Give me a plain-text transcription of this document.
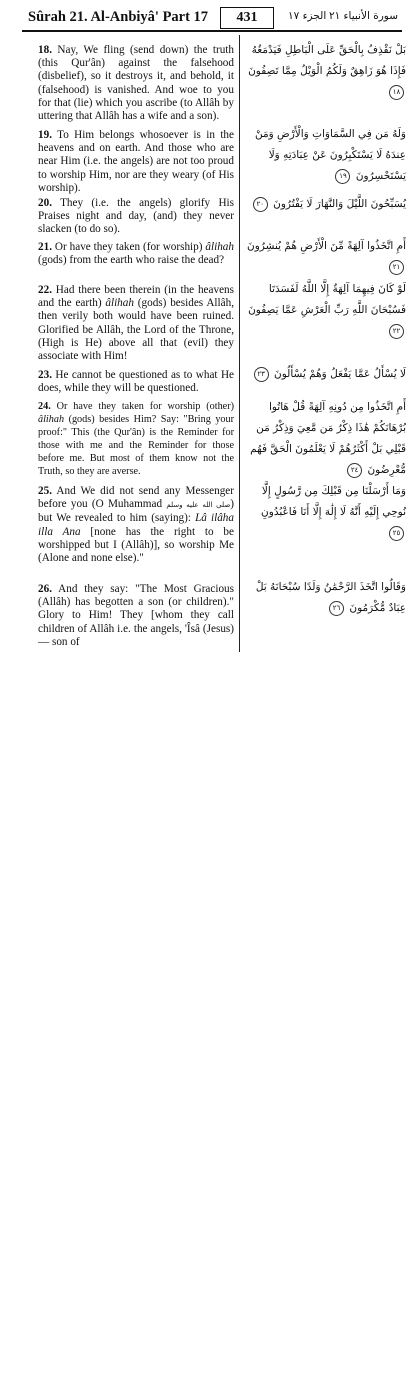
Sûrah 21. Al-Anbiyâ' Part 17	431	الجزء ١٧ سورة الأنبياء ٢١

18. Nay, We fling (send down) the truth (this Qur'ân) against the falsehood (disbelief), so it destroys it, and behold, it (falsehood) is vanished. And woe to you for that (lie) which you ascribe (to Allâh by uttering that Allâh has a wife and a son).

بَلْ نَقْذِفُ بِالْحَقِّ عَلَى الْبَاطِلِ فَيَدْمَغُهُ فَإِذَا هُوَ زَاهِقٌ وَلَكُمُ الْوَيْلُ مِمَّا تَصِفُونَ ١٨

19. To Him belongs whosoever is in the heavens and on earth. And those who are near Him (i.e. the angels) are not too proud to worship Him, nor are they weary (of His worship).

وَلَهُ مَن فِي السَّمَاوَاتِ وَالْأَرْضِ وَمَنْ عِندَهُ لَا يَسْتَكْبِرُونَ عَنْ عِبَادَتِهِ وَلَا يَسْتَحْسِرُونَ ١٩

20. They (i.e. the angels) glorify His Praises night and day, (and) they never slacken (to do so).

يُسَبِّحُونَ اللَّيْلَ وَالنَّهَارَ لَا يَفْتُرُونَ ٢٠

21. Or have they taken (for worship) âlihah (gods) from the earth who raise the dead?

أَمِ اتَّخَذُوا آلِهَةً مِّنَ الْأَرْضِ هُمْ يُنشِرُونَ ٢١

22. Had there been therein (in the heavens and the earth) âlihah (gods) besides Allâh, then verily both would have been ruined. Glorified be Allâh, the Lord of the Throne, (High is He) above all that (evil) they associate with Him!

لَوْ كَانَ فِيهِمَا آلِهَةٌ إِلَّا اللَّهُ لَفَسَدَتَا فَسُبْحَانَ اللَّهِ رَبِّ الْعَرْشِ عَمَّا يَصِفُونَ ٢٢

23. He cannot be questioned as to what He does, while they will be questioned.

لَا يُسْأَلُ عَمَّا يَفْعَلُ وَهُمْ يُسْأَلُونَ ٢٣

24. Or have they taken for worship (other) âlihah (gods) besides Him? Say: "Bring your proof:" This (the Qur'ân) is the Reminder for those with me and the Reminder for those before me. But most of them know not the Truth, so they are averse.

أَمِ اتَّخَذُوا مِن دُونِهِ آلِهَةً قُلْ هَاتُوا بُرْهَانَكُمْ هَٰذَا ذِكْرُ مَن مَّعِيَ وَذِكْرُ مَن قَبْلِي بَلْ أَكْثَرُهُمْ لَا يَعْلَمُونَ الْحَقَّ فَهُم مُّعْرِضُونَ ٢٤

25. And We did not send any Messenger before you (O Muhammad صلى الله عليه وسلم) but We revealed to him (saying): Lâ ilâha illa Ana [none has the right to be worshipped but I (Allâh)], so worship Me (Alone and none else)."

وَمَا أَرْسَلْنَا مِن قَبْلِكَ مِن رَّسُولٍ إِلَّا نُوحِي إِلَيْهِ أَنَّهُ لَا إِلَٰهَ إِلَّا أَنَا فَاعْبُدُونِ ٢٥

26. And they say: "The Most Gracious (Allâh) has begotten a son (or children)." Glory to Him! They [whom they call children of Allâh i.e. the angels, 'Îsâ (Jesus) — son of

وَقَالُوا اتَّخَذَ الرَّحْمَٰنُ وَلَدًا سُبْحَانَهُ بَلْ عِبَادٌ مُّكْرَمُونَ ٢٦
